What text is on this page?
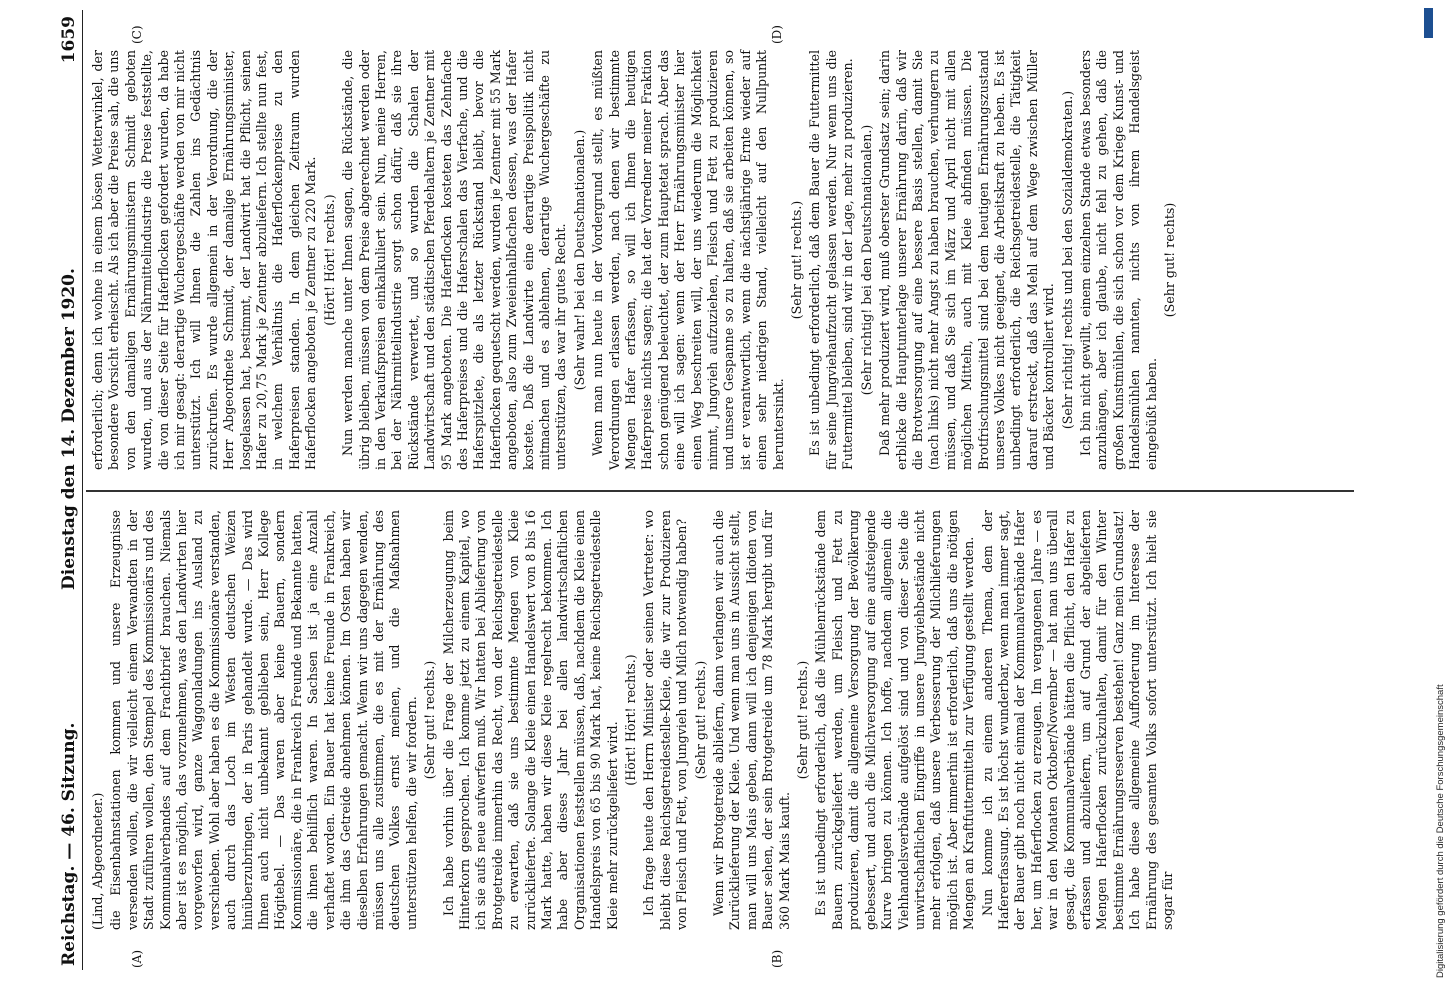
Reichstag. — 46. Sitzung.
Dienstag den 14. Dezember 1920.
1659
(A)	(B)
(C)	(D)

(Lind, Abgeordneter.) die Eisenbahnstationen kommen und unsere Erzeugnisse versenden wollen, die wir vielleicht einem Verwandten in der Stadt zuführen wollen, den Stempel des Kommissionärs und des Kommunalverbandes auf dem Frachtbrief brauchen. Niemals aber ist es möglich, das vorzunehmen, was den Landwirten hier vorgeworfen wird, ganze Waggonladungen ins Ausland zu verschieben. Wohl aber haben es die Kommissionäre verstanden, auch durch das Loch im Westen deutschen Weizen hinüberzubringen, der in Paris gehandelt wurde. — Das wird Ihnen auch nicht unbekannt geblieben sein, Herr Kollege Högitebel. — Das waren aber keine Bauern, sondern Kommissionäre, die in Frankreich Freunde und Bekannte hatten, die ihnen behilflich waren. In Sachsen ist ja eine Anzahl verhaftet worden. Ein Bauer hat keine Freunde in Frankreich, die ihm das Getreide abnehmen können. Im Osten haben wir dieselben Erfahrungen gemacht. Wenn wir uns dagegen wenden, müssen uns alle zustimmen, die es mit der Ernährung des deutschen Volkes ernst meinen, und die Maßnahmen unterstützen helfen, die wir fordern. (Sehr gut! rechts.) Ich habe vorhin über die Frage der Milcherzeugung beim Hinterkorn gesprochen. Ich komme jetzt zu einem Kapitel, wo ich sie aufs neue aufwerfen muß. Wir hatten bei Ablieferung von Brotgetreide immerhin das Recht, von der Reichsgetreidestelle zu erwarten, daß sie uns bestimmte Mengen von Kleie zurücklieferte. Solange die Kleie einen Handelswert von 8 bis 16 Mark hatte, haben wir diese Kleie regelrecht bekommen. Ich habe aber dieses Jahr bei allen landwirtschaftlichen Organisationen feststellen müssen, daß, nachdem die Kleie einen Handelspreis von 65 bis 90 Mark hat, keine Reichsgetreidestelle Kleie mehr zurückgeliefert wird.

(Hört! Hört! rechts.) Ich frage heute den Herrn Minister oder seinen Vertreter: wo bleibt diese Reichsgetreidestelle-Kleie, die wir zur Produzieren von Fleisch und Fett, von Jungvieh und Milch notwendig haben? (Sehr gut! rechts.) Wenn wir Brotgetreide abliefern, dann verlangen wir auch die Zurücklieferung der Kleie. Und wenn man uns in Aussicht stellt, man will uns Mais geben, dann will ich denjenigen Idioten von Bauer sehen, der sein Brotgetreide um 78 Mark hergibt und für 360 Mark Mais kauft.

(Sehr gut! rechts.) Es ist unbedingt erforderlich, daß die Mühlenrückstände dem Bauern zurückgeliefert werden, um Fleisch und Fett zu produzieren, damit die allgemeine Versorgung der Bevölkerung gebessert, und auch die Milchversorgung auf eine aufsteigende Kurve bringen zu können. Ich hoffe, nachdem allgemein die Viehhandelsverbände aufgelöst sind und von dieser Seite die unwirtschaftlichen Eingriffe in unsere Jungviehbestände nicht mehr erfolgen, daß unsere Verbesserung der Milchlieferungen möglich ist. Aber immerhin ist erforderlich, daß uns die nötigen Mengen an Kraftfuttermitteln zur Verfügung gestellt werden. Nun komme ich zu einem anderen Thema, dem der Hafererfassung. Es ist höchst wunderbar, wenn man immer sagt, der Bauer gibt noch nicht einmal der Kommunalverbände Hafer her, um Haferflocken zu erzeugen. Im vergangenen Jahre — es war in den Monaten Oktober/November — hat man uns überall gesagt, die Kommunalverbände hätten die Pflicht, den Hafer zu erfassen und abzuliefern, um auf Grund der abgelieferten Mengen Haferflocken zurückzuhalten, damit für den Winter bestimmte Ernährungsreserven bestehen! Ganz mein Grundsatz! Ich habe diese allgemeine Aufforderung im Interesse der Ernährung des gesamten Volks sofort unterstützt. Ich hielt sie sogar für

erforderlich; denn ich wohne in einem bösen Wetterwinkel, der besondere Vorsicht erheischt. Als ich aber die Preise sah, die uns von den damaligen Ernährungsministern Schmidt geboten wurden, und aus der Nährmittelindustrie die Preise feststellte, die von dieser Seite für Haferflocken gefordert wurden, da habe ich mir gesagt: derartige Wuchergeschäfte werden von mir nicht unterstützt. Ich will Ihnen die Zahlen ins Gedächtnis zurückrufen. Es wurde allgemein in der Verordnung, die der Herr Abgeordnete Schmidt, der damalige Ernährungsminister, losgelassen hat, bestimmt, der Landwirt hat die Pflicht, seinen Hafer zu 20,75 Mark je Zentner abzuliefern. Ich stellte nun fest, in welchem Verhältnis die Haferflockenpreise zu den Haferpreisen standen. In dem gleichen Zeitraum wurden Haferflocken angeboten je Zentner zu 220 Mark. (Hört! Hört! rechts.) Nun werden manche unter Ihnen sagen, die Rückstände, die übrig bleiben, müssen von dem Preise abgerechnet werden oder in den Verkaufspreisen einkalkuliert sein. Nun, meine Herren, bei der Nährmittelindustrie sorgt schon dafür, daß sie ihre Rückstände verwertet, und so wurden die Schalen der Landwirtschaft und den städtischen Pferdehaltern je Zentner mit 95 Mark angeboten. Die Haferflocken kosteten das Zehnfache des Haferpreises und die Haferschalen das Vierfache, und die Haferspitzlete, die als letzter Rückstand bleibt, bevor die Haferflocken gequetscht werden, wurden je Zentner mit 55 Mark angeboten, also zum Zweieinhalbfachen dessen, was der Hafer kostete. Daß die Landwirte eine derartige Preispolitik nicht mitmachen und es ablehnen, derartige Wuchergeschäfte zu unterstützen, das war ihr gutes Recht. (Sehr wahr! bei den Deutschnationalen.) Wenn man nun heute in der Vordergrund stellt, es müßten Verordnungen erlassen werden, nach denen wir bestimmte Mengen Hafer erfassen, so will ich Ihnen die heutigen Haferpreise nichts sagen; die hat der Vorredner meiner Fraktion schon genügend beleuchtet, der zum Hauptetat sprach. Aber das eine will ich sagen: wenn der Herr Ernährungsminister hier einen Weg beschreiten will, der uns wiederum die Möglichkeit nimmt, Jungvieh aufzuziehen, Fleisch und Fett zu produzieren und unsere Gespanne so zu halten, daß sie arbeiten können, so ist er verantwortlich, wenn die nächstjährige Ernte wieder auf einen sehr niedrigen Stand, vielleicht auf den Nullpunkt heruntersinkt.

(Sehr gut! rechts.) Es ist unbedingt erforderlich, daß dem Bauer die Futtermittel für seine Jungviehaufzucht gelassen werden. Nur wenn uns die Futtermittel bleiben, sind wir in der Lage, mehr zu produzieren. (Sehr richtig! bei den Deutschnationalen.) Daß mehr produziert wird, muß oberster Grundsatz sein; darin erblicke die Hauptunterlage unserer Ernährung darin, daß wir die Brotversorgung auf eine bessere Basis stellen, damit Sie (nach links) nicht mehr Angst zu haben brauchen, verhungern zu müssen, und daß Sie sich im März und April nicht mit allen möglichen Mitteln, auch mit Kleie abfinden müssen. Die Brotfrischungsmittel sind bei dem heutigen Ernährungszustand unseres Volkes nicht geeignet, die Arbeitskraft zu heben. Es ist unbedingt erforderlich, die Reichsgetreidestelle, die Tätigkeit darauf erstreckt, daß das Mehl auf dem Wege zwischen Müller und Bäcker kontrolliert wird. (Sehr richtig! rechts und bei den Sozialdemokraten.) Ich bin nicht gewillt, einem einzelnen Stande etwas besonders anzuhängen, aber ich glaube, nicht fehl zu gehen, daß die großen Kunstmühlen, die sich schon vor dem Kriege Kunst- und Handelsmühlen nannten, nichts von ihrem Handelsgeist eingebüßt haben.

(Sehr gut! rechts)

Digitalisierung gefördert durch die Deutsche Forschungsgemeinschaft
DFG
